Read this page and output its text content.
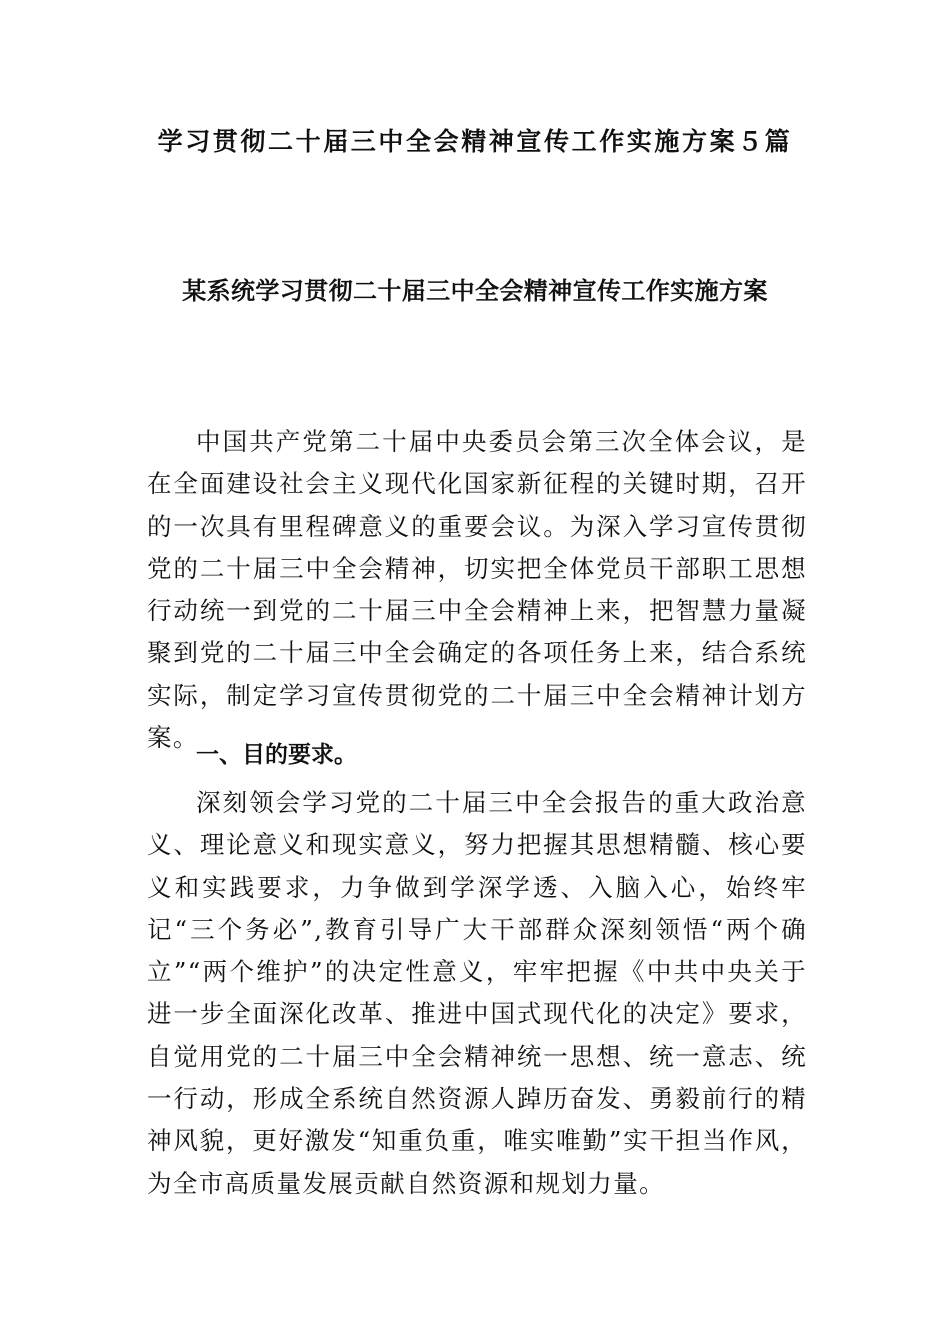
学习贯彻二十届三中全会精神宣传工作实施方案５篇
某系统学习贯彻二十届三中全会精神宣传工作实施方案

中国共产党第二十届中央委员会第三次全体会议，是在全面建设社会主义现代化国家新征程的关键时期，召开的一次具有里程碑意义的重要会议。为深入学习宣传贯彻党的二十届三中全会精神，切实把全体党员干部职工思想行动统一到党的二十届三中全会精神上来，把智慧力量凝聚到党的二十届三中全会确定的各项任务上来，结合系统实际，制定学习宣传贯彻党的二十届三中全会精神计划方案。

一、目的要求。

深刻领会学习党的二十届三中全会报告的重大政治意义、理论意义和现实意义，努力把握其思想精髓、核心要义和实践要求，力争做到学深学透、入脑入心，始终牢记“三个务必”,教育引导广大干部群众深刻领悟“两个确立”“两个维护”的决定性意义，牢牢把握《中共中央关于进一步全面深化改革、推进中国式现代化的决定》要求，自觉用党的二十届三中全会精神统一思想、统一意志、统一行动，形成全系统自然资源人踔历奋发、勇毅前行的精神风貌，更好激发“知重负重，唯实唯勤”实干担当作风，为全市高质量发展贡献自然资源和规划力量。
